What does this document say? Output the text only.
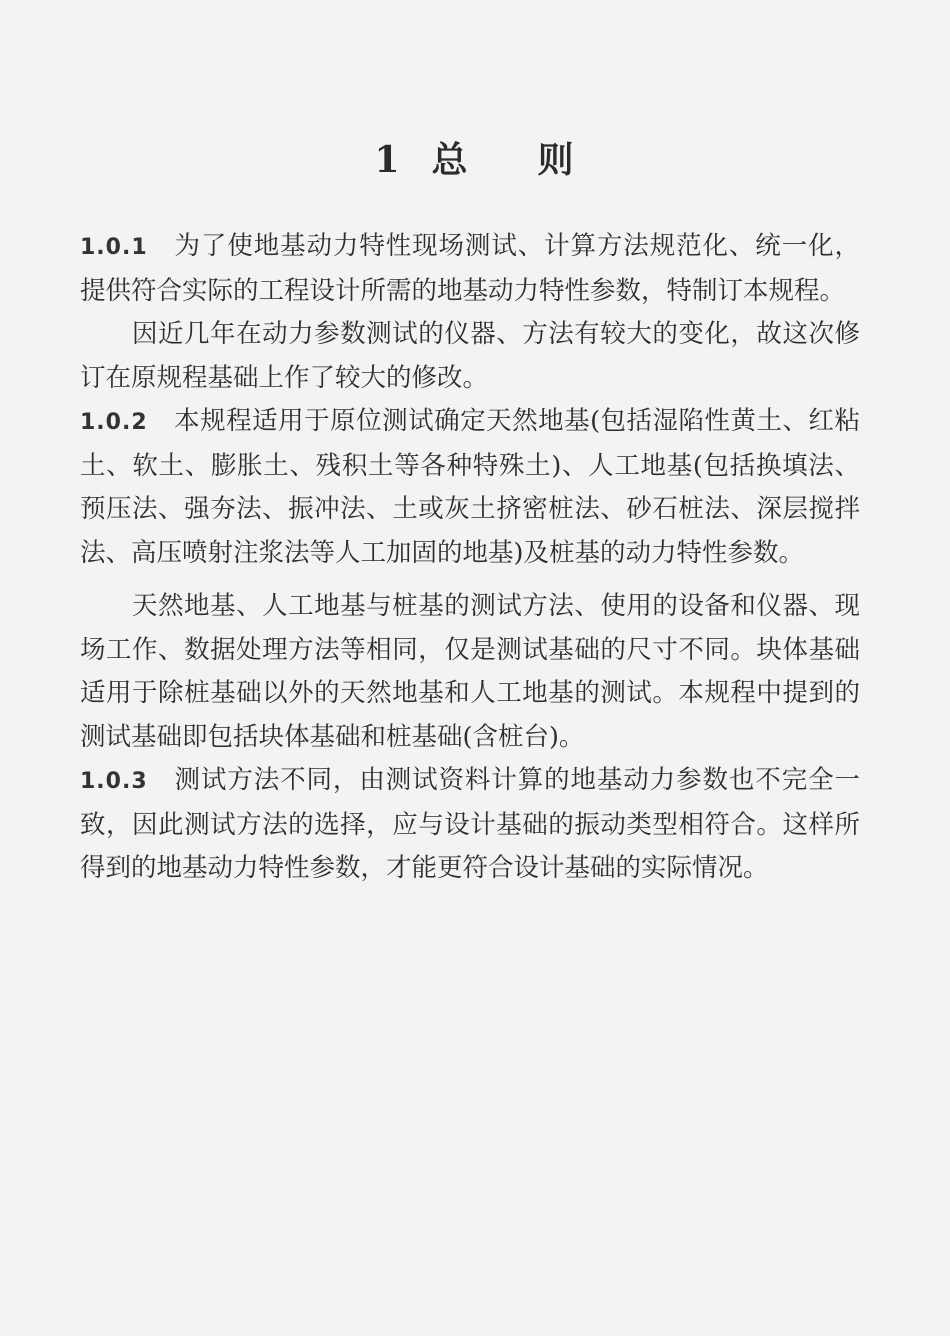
1 总 则

1.0.1 为了使地基动力特性现场测试、计算方法规范化、统一化，提供符合实际的工程设计所需的地基动力特性参数，特制订本规程。

因近几年在动力参数测试的仪器、方法有较大的变化，故这次修订在原规程基础上作了较大的修改。

1.0.2 本规程适用于原位测试确定天然地基(包括湿陷性黄土、红粘土、软土、膨胀土、残积土等各种特殊土)、人工地基(包括换填法、预压法、强夯法、振冲法、土或灰土挤密桩法、砂石桩法、深层搅拌法、高压喷射注浆法等人工加固的地基)及桩基的动力特性参数。

天然地基、人工地基与桩基的测试方法、使用的设备和仪器、现场工作、数据处理方法等相同，仅是测试基础的尺寸不同。块体基础适用于除桩基础以外的天然地基和人工地基的测试。本规程中提到的测试基础即包括块体基础和桩基础(含桩台)。

1.0.3 测试方法不同，由测试资料计算的地基动力参数也不完全一致，因此测试方法的选择，应与设计基础的振动类型相符合。这样所得到的地基动力特性参数，才能更符合设计基础的实际情况。
